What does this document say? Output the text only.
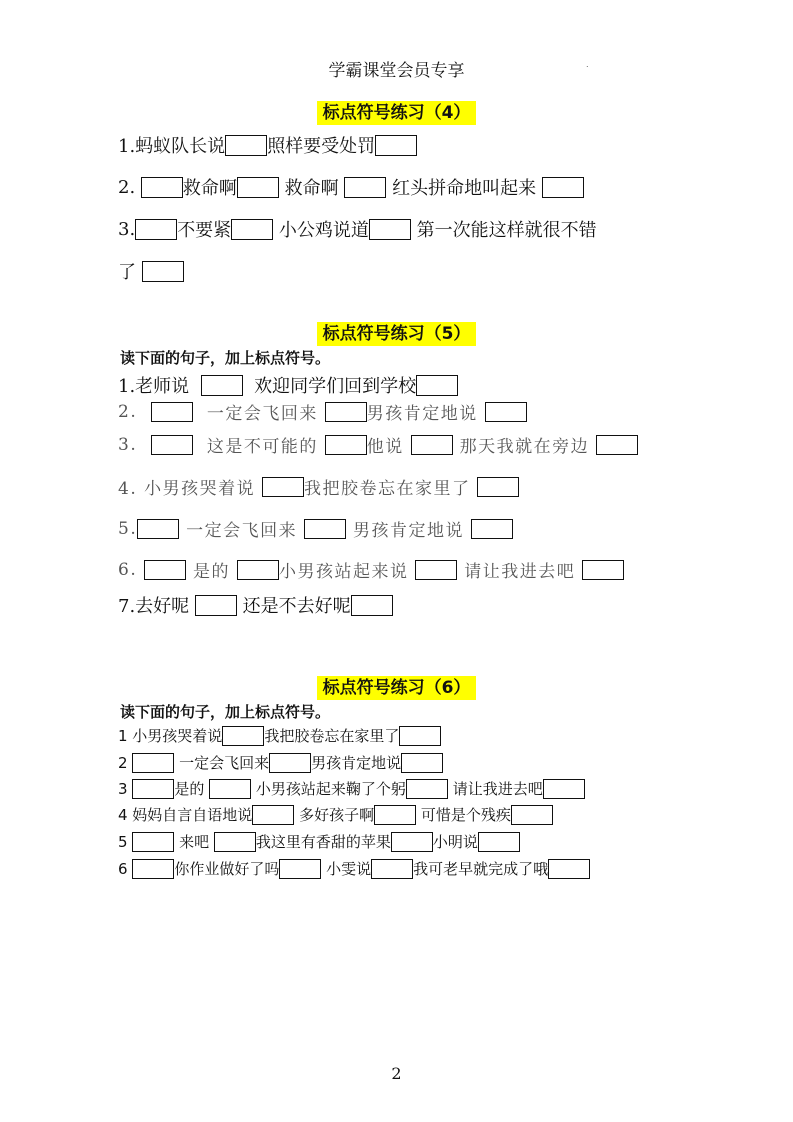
学霸课堂会员专享	.
标点符号练习（4）
1.蚂蚁队长说 照样要受处罚
2.
	救命啊
	救命啊

	红头拼命地叫起来

3. 不要紧
	小公鸡说道
	第一次能这样就很不错
了

标点符号练习（5）
读下面的句子，加上标点符号。
1.老师说

	欢迎同学们回到学校
2.

	一定会飞回来
	男孩肯定地说

3.

	这是不可能的
	他说

	那天我就在旁边

4. 小男孩哭着说
	我把胶卷忘在家里了

5.
	一定会飞回来

	男孩肯定地说

6.

	是的
	小男孩站起来说

	请让我进去吧

7.去好呢

	还是不去好呢
标点符号练习（6）
读下面的句子，加上标点符号。
1 小男孩哭着说	我把胶卷忘在家里了
2

	一定会飞回来	男孩肯定地说
3
	是的

	小男孩站起来鞠了个躬
	请让我进去吧
4 妈妈自言自语地说
	多好孩子啊
	可惜是个残疾
5

	来吧
	我这里有香甜的苹果	小明说
6
	你作业做好了吗
	小雯说	我可老早就完成了哦
2
